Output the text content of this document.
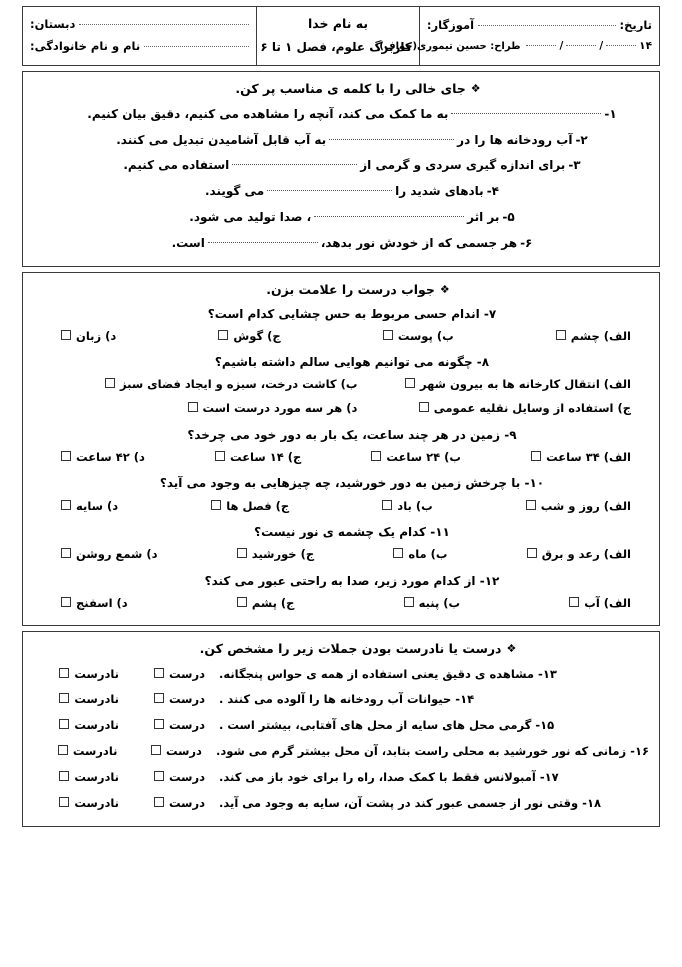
تاریخ:
آموزگار:
۱۴
/
/
طراح: حسین تیموری(خواف)

به نام خدا
کاربرگ علوم، فصل ۱ تا ۶

دبستان:
نام و نام خانوادگی:
❖جای خالی را با کلمه ی مناسب پر کن.
۱-
به ما کمک می کند، آنچه را مشاهده می کنیم، دقیق بیان کنیم.
۲-
آب رودخانه ها را در
به آب قابل آشامیدن تبدیل می کنند.
۳-
برای اندازه گیری سردی و گرمی از
استفاده می کنیم.
۴-
بادهای شدید را
می گویند.
۵-
بر اثر
، صدا تولید می شود.
۶-
هر جسمی که از خودش نور بدهد،
است.
❖جواب درست را علامت بزن.
۷- اندام حسی مربوط به حس چشایی کدام است؟
الف) چشم
ب) پوست
ج) گوش
د) زبان
۸- چگونه می توانیم هوایی سالم داشته باشیم؟
الف) انتقال کارخانه ها به بیرون شهر
ب) کاشت درخت، سبزه و ایجاد فضای سبز
ج) استفاده از وسایل نقلیه عمومی
د) هر سه مورد درست است
۹- زمین در هر چند ساعت، یک بار به دور خود می چرخد؟
الف) ۳۴ ساعت
ب) ۲۴ ساعت
ج) ۱۴ ساعت
د) ۴۲ ساعت
۱۰- با چرخش زمین به دور خورشید، چه چیزهایی به وجود می آید؟
الف) روز و شب
ب) باد
ج) فصل ها
د) سایه
۱۱- کدام یک چشمه ی نور نیست؟
الف) رعد و برق
ب) ماه
ج) خورشید
د) شمع روشن
۱۲- از کدام مورد زیر، صدا به راحتی عبور می کند؟
الف) آب
ب) پنبه
ج) پشم
د) اسفنج
❖درست یا نادرست بودن جملات زیر را مشخص کن.
۱۳- مشاهده ی دقیق یعنی استفاده از همه ی حواس پنجگانه.
درست
نادرست
۱۴- حیوانات آب رودخانه ها را آلوده می کنند .
درست
نادرست
۱۵- گرمی محل های سایه از محل های آفتابی، بیشتر است .
درست
نادرست
۱۶- زمانی که نور خورشید به محلی راست بتابد، آن محل بیشتر گرم می شود.
درست
نادرست
۱۷- آمبولانس فقط با کمک صدا، راه را برای خود باز می کند.
درست
نادرست
۱۸- وقتی نور از جسمی عبور کند در پشت آن، سایه به وجود می آید.
درست
نادرست
